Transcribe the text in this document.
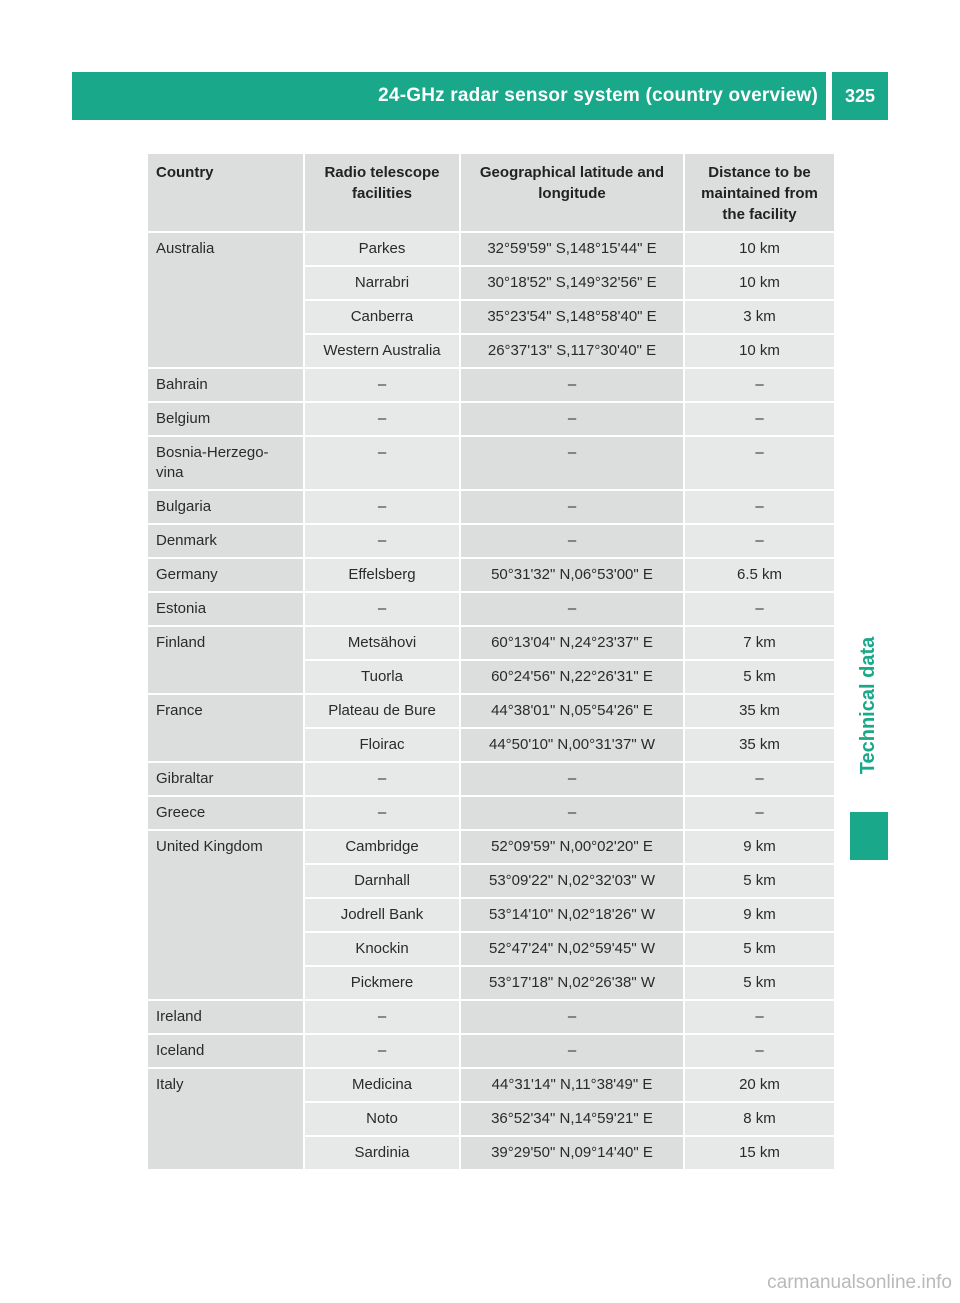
24-GHz radar sensor system (country overview)	325
Technical data
Country	Radio telescope facilities	Geographical latitude and longitude	Distance to be maintained from the facility
Australia	Parkes	32°59'59" S,148°15'44" E	10 km
	Narrabri	30°18'52" S,149°32'56" E	10 km
	Canberra	35°23'54" S,148°58'40" E	3 km
	Western Australia	26°37'13" S,117°30'40" E	10 km
Bahrain	–	–	–
Belgium	–	–	–
Bosnia-Herzego-
vina	–	–	–
Bulgaria	–	–	–
Denmark	–	–	–
Germany	Effelsberg	50°31'32" N,06°53'00" E	6.5 km
Estonia	–	–	–
Finland	Metsähovi	60°13'04" N,24°23'37" E	7 km
	Tuorla	60°24'56" N,22°26'31" E	5 km
France	Plateau de Bure	44°38'01" N,05°54'26" E	35 km
	Floirac	44°50'10" N,00°31'37" W	35 km
Gibraltar	–	–	–
Greece	–	–	–
United Kingdom	Cambridge	52°09'59" N,00°02'20" E	9 km
	Darnhall	53°09'22" N,02°32'03" W	5 km
	Jodrell Bank	53°14'10" N,02°18'26" W	9 km
	Knockin	52°47'24" N,02°59'45" W	5 km
	Pickmere	53°17'18" N,02°26'38" W	5 km
Ireland	–	–	–
Iceland	–	–	–
Italy	Medicina	44°31'14" N,11°38'49" E	20 km
	Noto	36°52'34" N,14°59'21" E	8 km
	Sardinia	39°29'50" N,09°14'40" E	15 km
carmanualsonline.info
